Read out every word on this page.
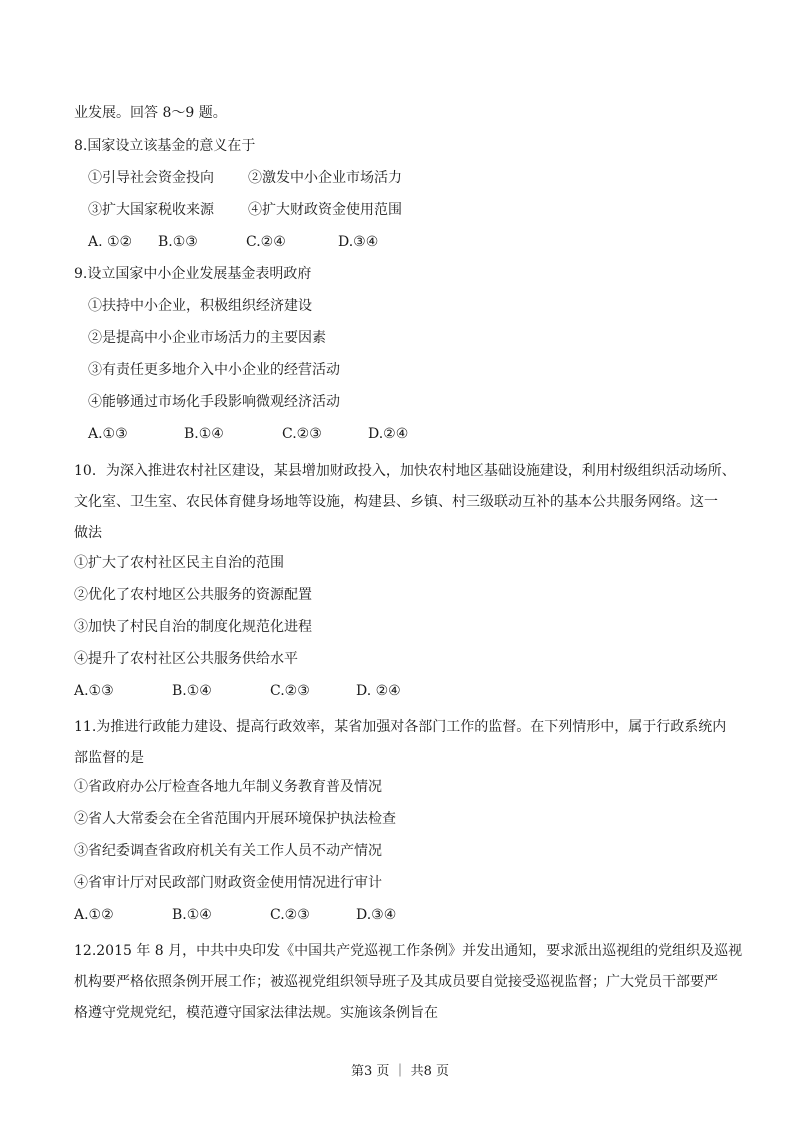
业发展。回答 8～9 题。
8.国家设立该基金的意义在于
①引导社会资金投向 ②激发中小企业市场活力
③扩大国家税收来源 ④扩大财政资金使用范围
A. ①② B.①③	C.②④	D.③④
9.设立国家中小企业发展基金表明政府
①扶持中小企业，积极组织经济建设
②是提高中小企业市场活力的主要因素
③有责任更多地介入中小企业的经营活动
④能够通过市场化手段影响微观经济活动
A.①③	B.①④	C.②③	D.②④

10．为深入推进农村社区建设，某县增加财政投入，加快农村地区基础设施建设，利用村级组织活动场所、

文化室、卫生室、农民体育健身场地等设施，构建县、乡镇、村三级联动互补的基本公共服务网络。这一

做法

①扩大了农村社区民主自治的范围
②优化了农村地区公共服务的资源配置
③加快了村民自治的制度化规范化进程
④提升了农村社区公共服务供给水平
A.①③	B.①④	C.②③	D. ②④

11.为推进行政能力建设、提高行政效率，某省加强对各部门工作的监督。在下列情形中，属于行政系统内

部监督的是

①省政府办公厅检查各地九年制义务教育普及情况
②省人大常委会在全省范围内开展环境保护执法检查
③省纪委调查省政府机关有关工作人员不动产情况
④省审计厅对民政部门财政资金使用情况进行审计
A.①②	B.①④	C.②③	D.③④

12.2015 年 8 月，中共中央印发《中国共产党巡视工作条例》并发出通知，要求派出巡视组的党组织及巡视

机构要严格依照条例开展工作；被巡视党组织领导班子及其成员要自觉接受巡视监督；广大党员干部要严

格遵守党规党纪，模范遵守国家法律法规。实施该条例旨在

第3 页 ｜ 共8 页
